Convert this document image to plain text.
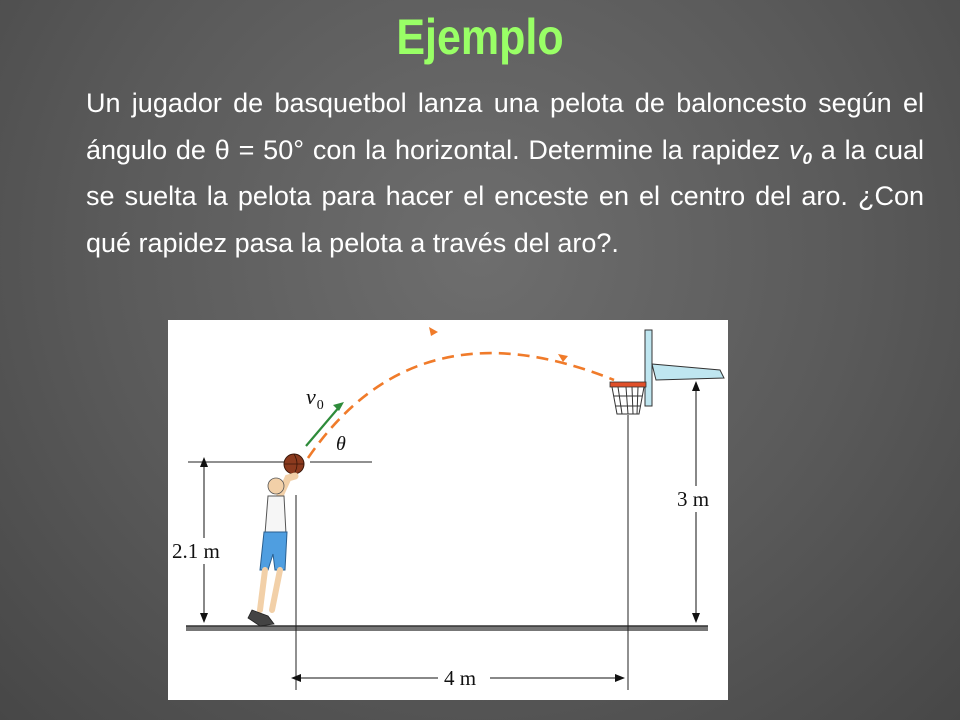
Ejemplo
Un jugador de basquetbol lanza una pelota de baloncesto según el ángulo de θ = 50° con la horizontal. Determine la rapidez $v_0$ a la cual se suelta la pelota para hacer el enceste en el centro del aro. ¿Con qué rapidez pasa la pelota a través del aro?.
2.1 m
3 m
4 m
$v_0$
θ
